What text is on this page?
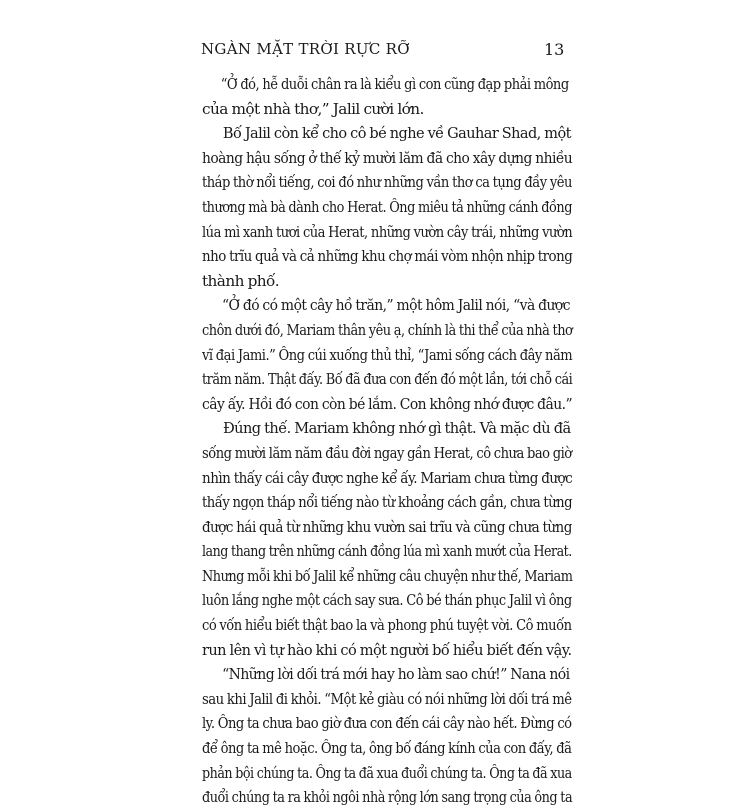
NGÀN MẶT TRỜI RỰC RỠ	13
“Ở đó, hễ duỗi chân ra là kiểu gì con cũng đạp phải mông
của một nhà thơ,” Jalil cười lớn.
Bố Jalil còn kể cho cô bé nghe về Gauhar Shad, một
hoàng hậu sống ở thế kỷ mười lăm đã cho xây dựng nhiều
tháp thờ nổi tiếng, coi đó như những vần thơ ca tụng đầy yêu
thương mà bà dành cho Herat. Ông miêu tả những cánh đồng
lúa mì xanh tươi của Herat, những vườn cây trái, những vườn
nho trĩu quả và cả những khu chợ mái vòm nhộn nhịp trong
thành phố.
“Ở đó có một cây hồ trăn,” một hôm Jalil nói, “và được
chôn dưới đó, Mariam thân yêu ạ, chính là thi thể của nhà thơ
vĩ đại Jami.” Ông cúi xuống thủ thỉ, “Jami sống cách đây năm
trăm năm. Thật đấy. Bố đã đưa con đến đó một lần, tới chỗ cái
cây ấy. Hồi đó con còn bé lắm. Con không nhớ được đâu.”
Đúng thế. Mariam không nhớ gì thật. Và mặc dù đã
sống mười lăm năm đầu đời ngay gần Herat, cô chưa bao giờ
nhìn thấy cái cây được nghe kể ấy. Mariam chưa từng được
thấy ngọn tháp nổi tiếng nào từ khoảng cách gần, chưa từng
được hái quả từ những khu vườn sai trĩu và cũng chưa từng
lang thang trên những cánh đồng lúa mì xanh mướt của Herat.
Nhưng mỗi khi bố Jalil kể những câu chuyện như thế, Mariam
luôn lắng nghe một cách say sưa. Cô bé thán phục Jalil vì ông
có vốn hiểu biết thật bao la và phong phú tuyệt vời. Cô muốn
run lên vì tự hào khi có một người bố hiểu biết đến vậy.
“Những lời dối trá mới hay ho làm sao chứ!” Nana nói
sau khi Jalil đi khỏi. “Một kẻ giàu có nói những lời dối trá mê
ly. Ông ta chưa bao giờ đưa con đến cái cây nào hết. Đừng có
để ông ta mê hoặc. Ông ta, ông bố đáng kính của con đấy, đã
phản bội chúng ta. Ông ta đã xua đuổi chúng ta. Ông ta đã xua
đuổi chúng ta ra khỏi ngôi nhà rộng lớn sang trọng của ông ta
